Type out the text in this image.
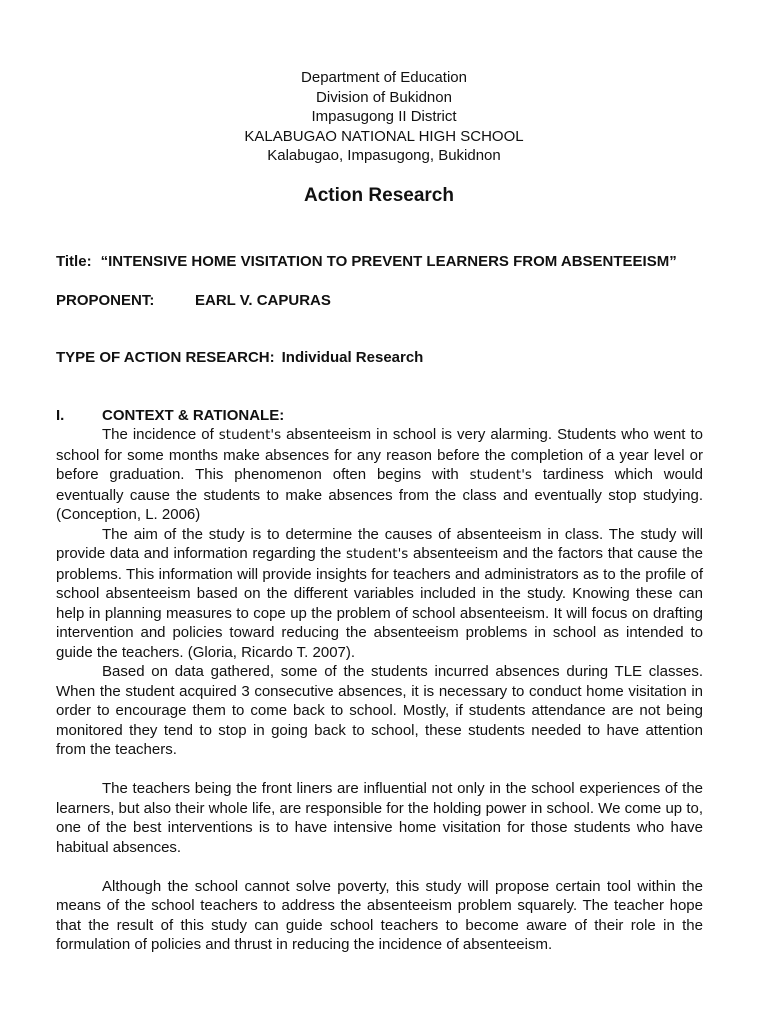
Department of Education
Division of Bukidnon
Impasugong II District
KALABUGAO NATIONAL HIGH SCHOOL
Kalabugao, Impasugong, Bukidnon
Action Research
Title: “INTENSIVE HOME VISITATION TO PREVENT LEARNERS FROM ABSENTEEISM”
PROPONENT:	EARL V. CAPURAS
TYPE OF ACTION RESEARCH: Individual Research
I.	CONTEXT & RATIONALE:

The incidence of student's absenteeism in school is very alarming. Students who went to school for some months make absences for any reason before the completion of a year level or before graduation. This phenomenon often begins with student's tardiness which would eventually cause the students to make absences from the class and eventually stop studying. (Conception, L. 2006)

The aim of the study is to determine the causes of absenteeism in class. The study will provide data and information regarding the student's absenteeism and the factors that cause the problems. This information will provide insights for teachers and administrators as to the profile of school absenteeism based on the different variables included in the study. Knowing these can help in planning measures to cope up the problem of school absenteeism. It will focus on drafting intervention and policies toward reducing the absenteeism problems in school as intended to guide the teachers. (Gloria, Ricardo T. 2007).

Based on data gathered, some of the students incurred absences during TLE classes. When the student acquired 3 consecutive absences, it is necessary to conduct home visitation in order to encourage them to come back to school. Mostly, if students attendance are not being monitored they tend to stop in going back to school, these students needed to have attention from the teachers.

The teachers being the front liners are influential not only in the school experiences of the learners, but also their whole life, are responsible for the holding power in school. We come up to, one of the best interventions is to have intensive home visitation for those students who have habitual absences.

Although the school cannot solve poverty, this study will propose certain tool within the means of the school teachers to address the absenteeism problem squarely. The teacher hope that the result of this study can guide school teachers to become aware of their role in the formulation of policies and thrust in reducing the incidence of absenteeism.
